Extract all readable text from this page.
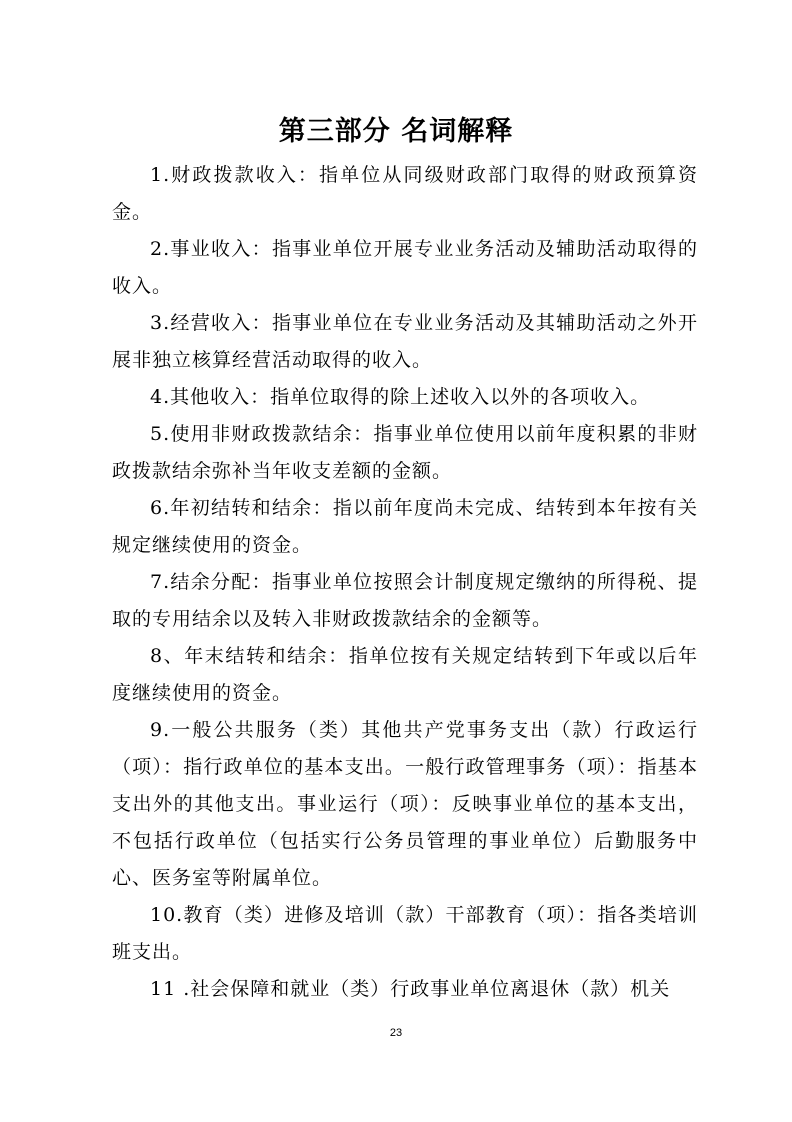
第三部分 名词解释

1.财政拨款收入：指单位从同级财政部门取得的财政预算资金。

2.事业收入：指事业单位开展专业业务活动及辅助活动取得的收入。

3.经营收入：指事业单位在专业业务活动及其辅助活动之外开展非独立核算经营活动取得的收入。

4.其他收入：指单位取得的除上述收入以外的各项收入。

5.使用非财政拨款结余：指事业单位使用以前年度积累的非财政拨款结余弥补当年收支差额的金额。

6.年初结转和结余：指以前年度尚未完成、结转到本年按有关规定继续使用的资金。

7.结余分配：指事业单位按照会计制度规定缴纳的所得税、提取的专用结余以及转入非财政拨款结余的金额等。

8、年末结转和结余：指单位按有关规定结转到下年或以后年度继续使用的资金。

9.一般公共服务（类）其他共产党事务支出（款）行政运行（项）：指行政单位的基本支出。一般行政管理事务（项）：指基本支出外的其他支出。事业运行（项）：反映事业单位的基本支出，不包括行政单位（包括实行公务员管理的事业单位）后勤服务中心、医务室等附属单位。

10.教育（类）进修及培训（款）干部教育（项）：指各类培训班支出。

11 .社会保障和就业（类）行政事业单位离退休（款）机关

23
